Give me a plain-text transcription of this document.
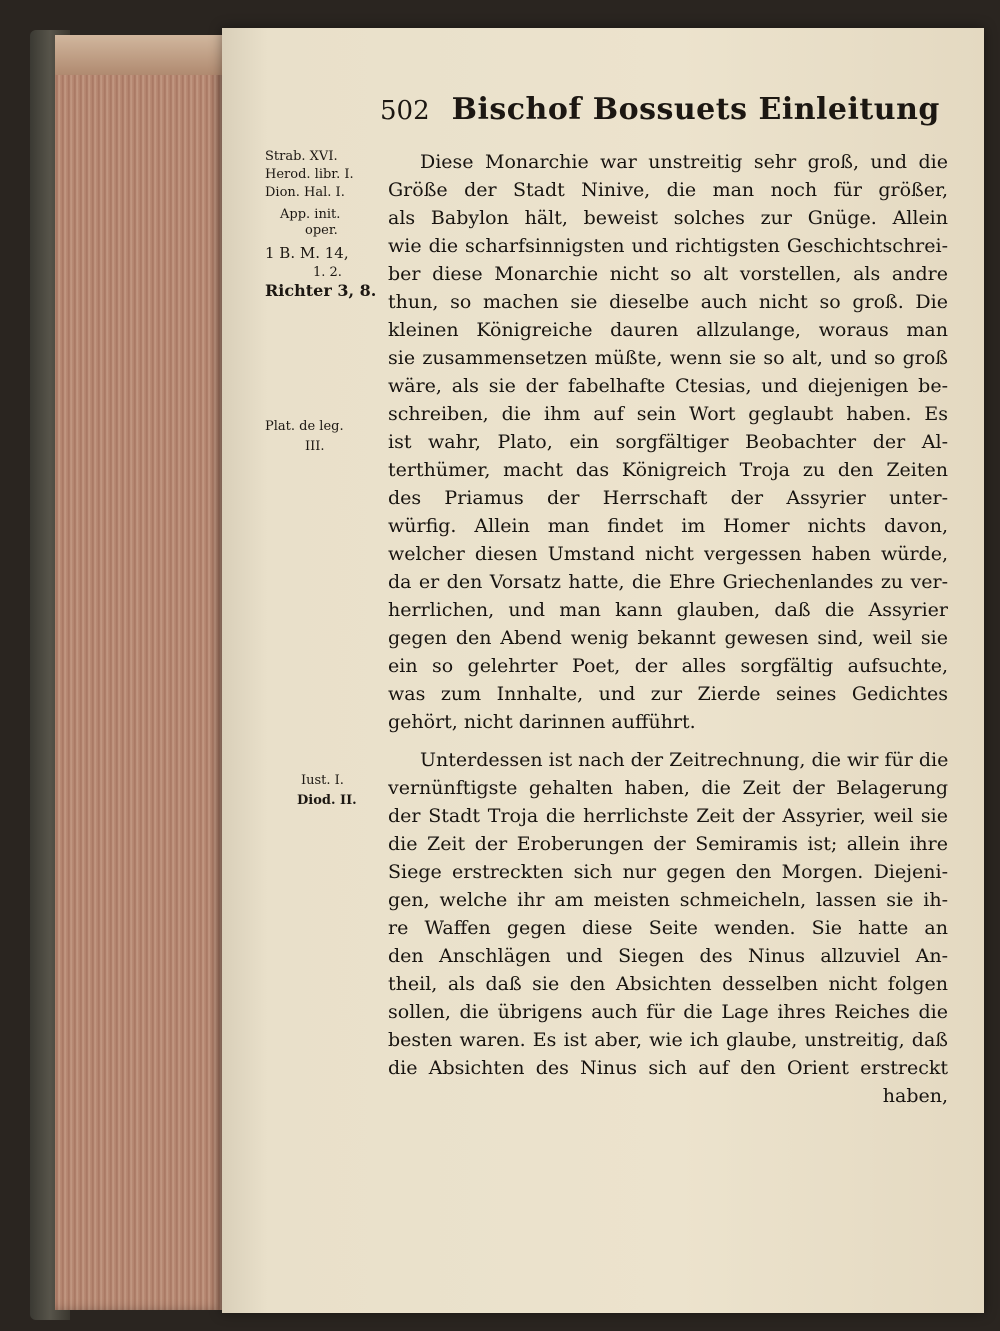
502 Bischof Bossuets Einleitung
Strab. XVI.
Herod. libr. I.
Dion. Hal. I.
App. init.
oper.
1 B. M. 14,
1. 2.
Richter 3, 8.
Plat. de leg.
III.
Iust. I.
Diod. II.
Diese Monarchie war unstreitig sehr groß, und die
Größe der Stadt Ninive, die man noch für größer,
als Babylon hält, beweist solches zur Gnüge. Allein
wie die scharfsinnigsten und richtigsten Geschichtschrei-
ber diese Monarchie nicht so alt vorstellen, als andre
thun, so machen sie dieselbe auch nicht so groß. Die
kleinen Königreiche dauren allzulange, woraus man
sie zusammensetzen müßte, wenn sie so alt, und so groß
wäre, als sie der fabelhafte Ctesias, und diejenigen be-
schreiben, die ihm auf sein Wort geglaubt haben. Es
ist wahr, Plato, ein sorgfältiger Beobachter der Al-
terthümer, macht das Königreich Troja zu den Zeiten
des Priamus der Herrschaft der Assyrier unter-
würfig. Allein man findet im Homer nichts davon,
welcher diesen Umstand nicht vergessen haben würde,
da er den Vorsatz hatte, die Ehre Griechenlandes zu ver-
herrlichen, und man kann glauben, daß die Assyrier
gegen den Abend wenig bekannt gewesen sind, weil sie
ein so gelehrter Poet, der alles sorgfältig aufsuchte,
was zum Innhalte, und zur Zierde seines Gedichtes
gehört, nicht darinnen aufführt.
Unterdessen ist nach der Zeitrechnung, die wir für die
vernünftigste gehalten haben, die Zeit der Belagerung
der Stadt Troja die herrlichste Zeit der Assyrier, weil sie
die Zeit der Eroberungen der Semiramis ist; allein ihre
Siege erstreckten sich nur gegen den Morgen. Diejeni-
gen, welche ihr am meisten schmeicheln, lassen sie ih-
re Waffen gegen diese Seite wenden. Sie hatte an
den Anschlägen und Siegen des Ninus allzuviel An-
theil, als daß sie den Absichten desselben nicht folgen
sollen, die übrigens auch für die Lage ihres Reiches die
besten waren. Es ist aber, wie ich glaube, unstreitig, daß
die Absichten des Ninus sich auf den Orient erstreckt
haben,
